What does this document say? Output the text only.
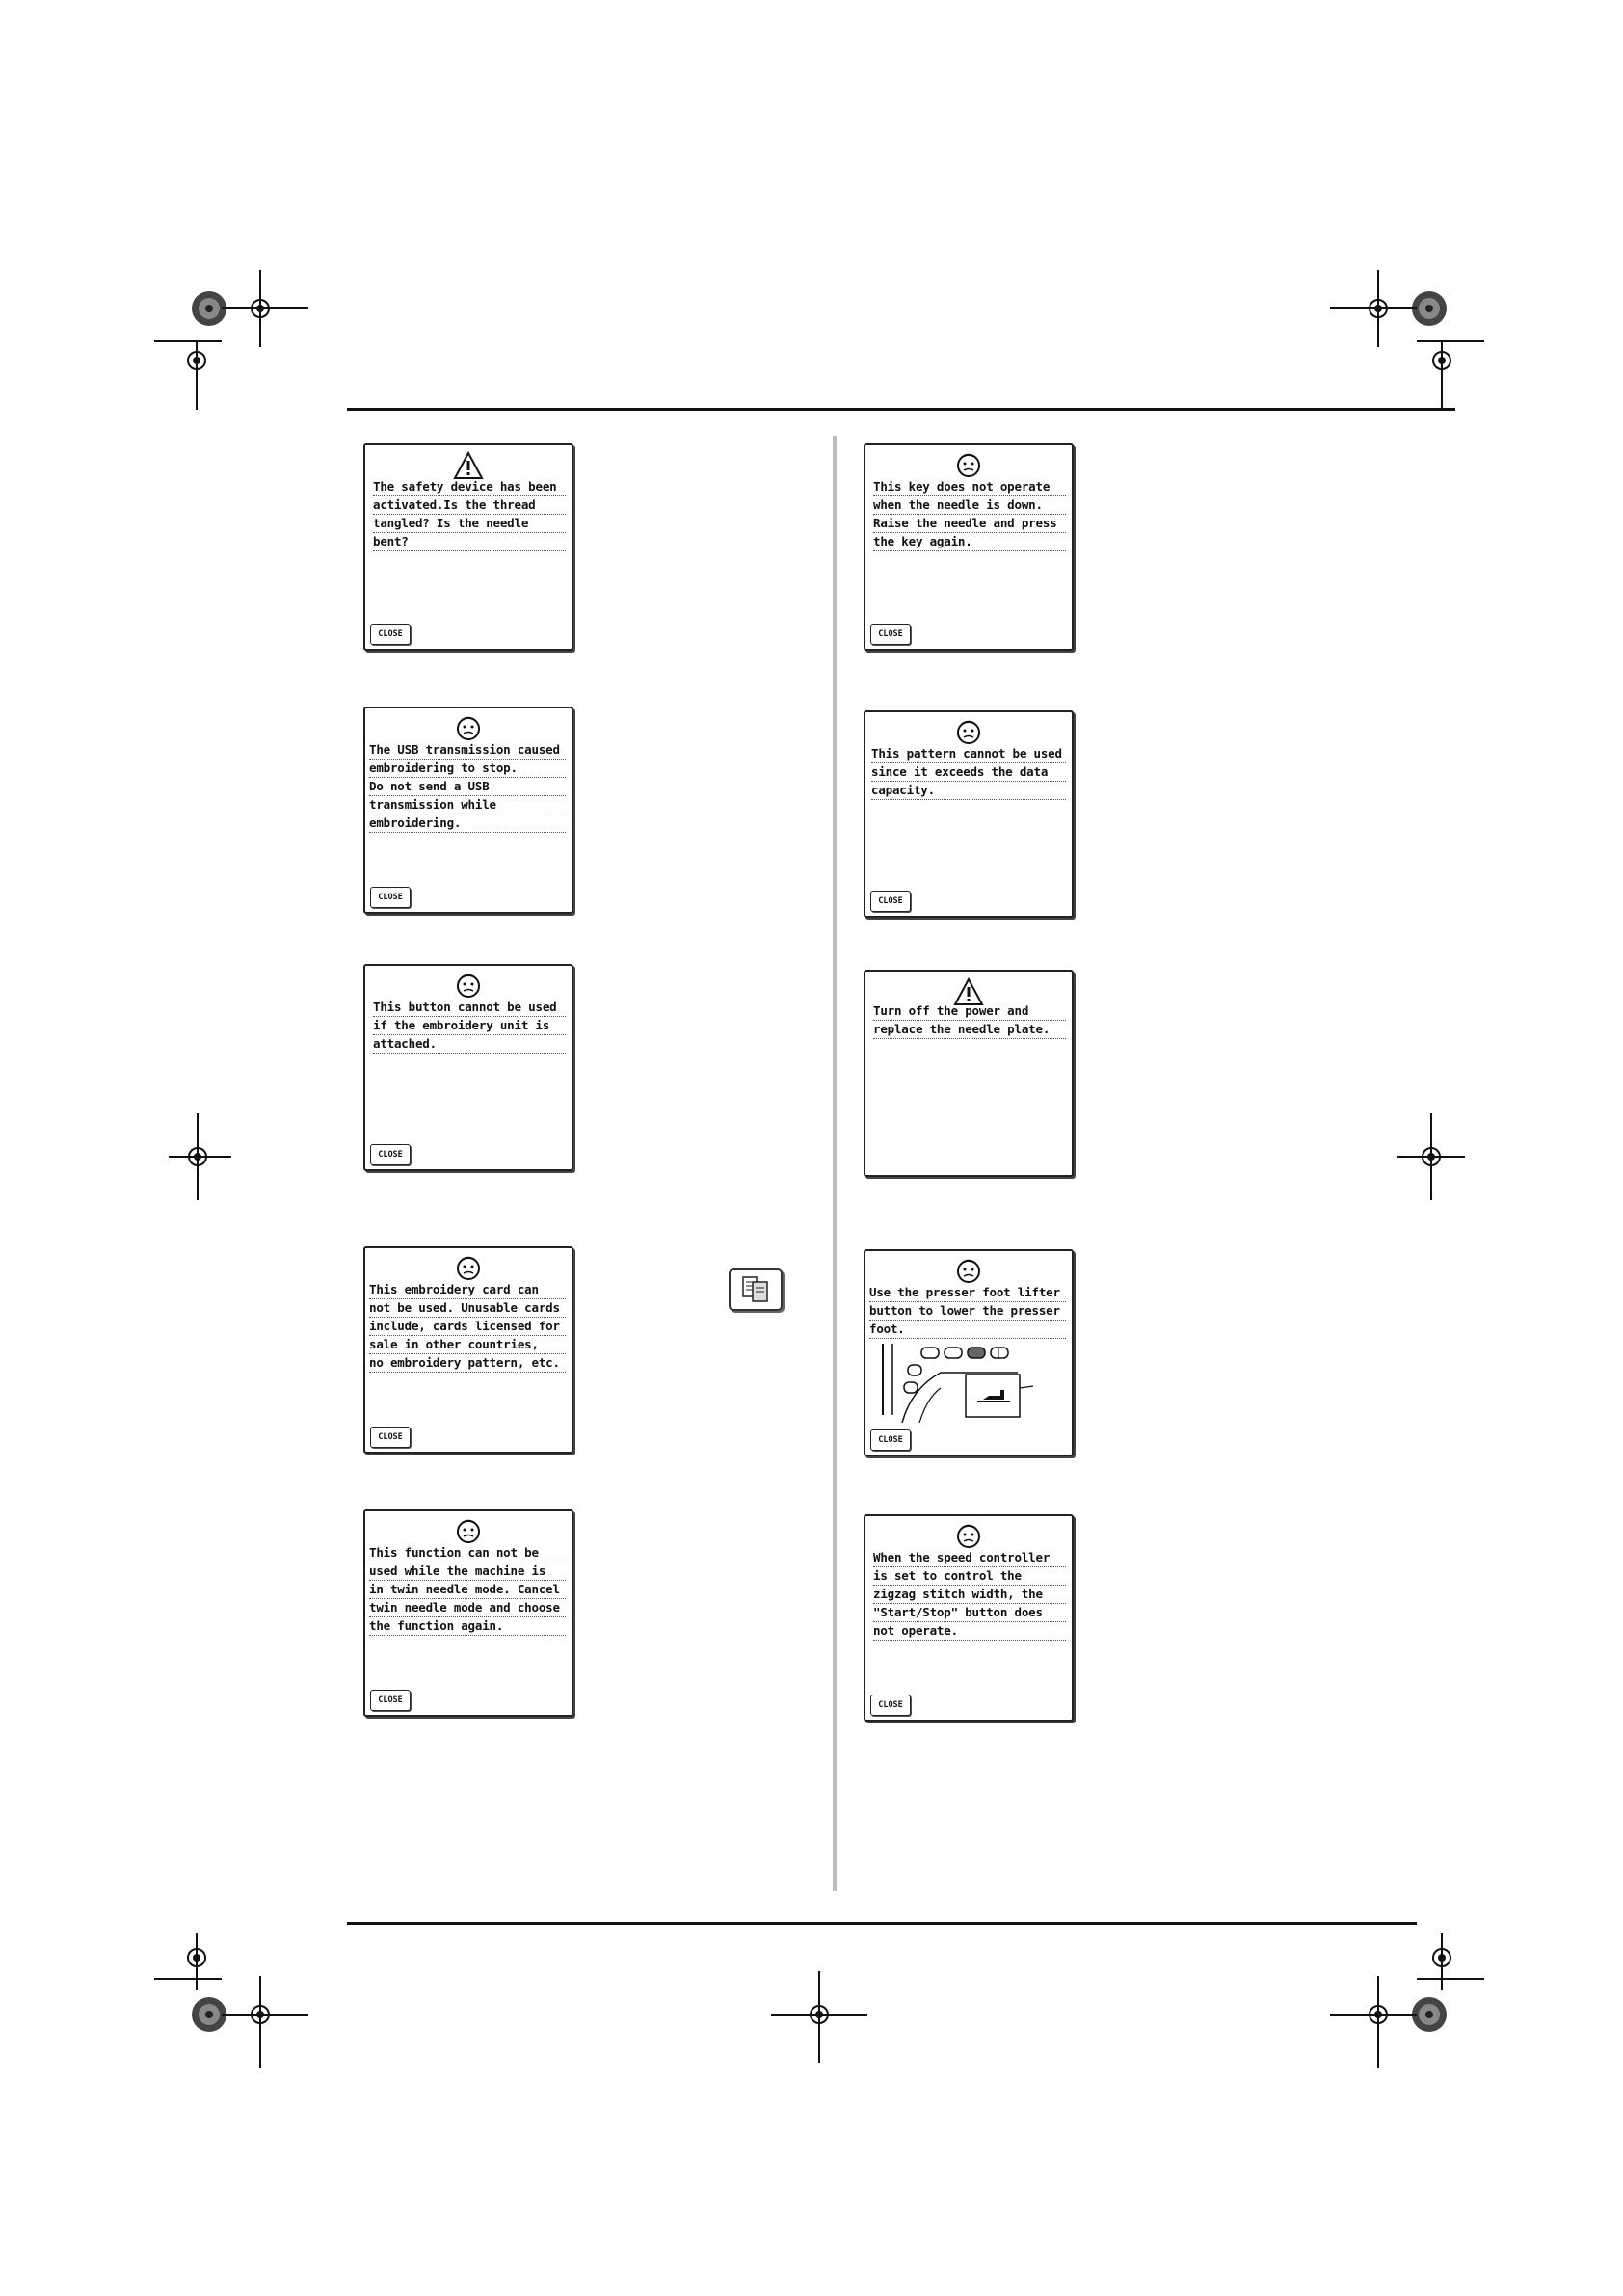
The safety device has been
activated.Is the thread
tangled? Is the needle
bent?
CLOSE
The USB transmission caused
embroidering to stop.
Do not send a USB
transmission while
embroidering.
CLOSE
This button cannot be used
if the embroidery unit is
attached.
CLOSE
This embroidery card can
not be used. Unusable cards
include, cards licensed for
sale in other countries,
no embroidery pattern, etc.
CLOSE
This function can not be
used while the machine is
in twin needle mode. Cancel
twin needle mode and choose
the function again.
CLOSE
This key does not operate
when the needle is down.
Raise the needle and press
the key again.
CLOSE
This pattern cannot be used
since it exceeds the data
capacity.
CLOSE
Turn off the power and
replace the needle plate.
Use the presser foot lifter
button to lower the presser
foot.
CLOSE
When the speed controller
is set to control the
zigzag stitch width, the
"Start/Stop" button does
not operate.
CLOSE
